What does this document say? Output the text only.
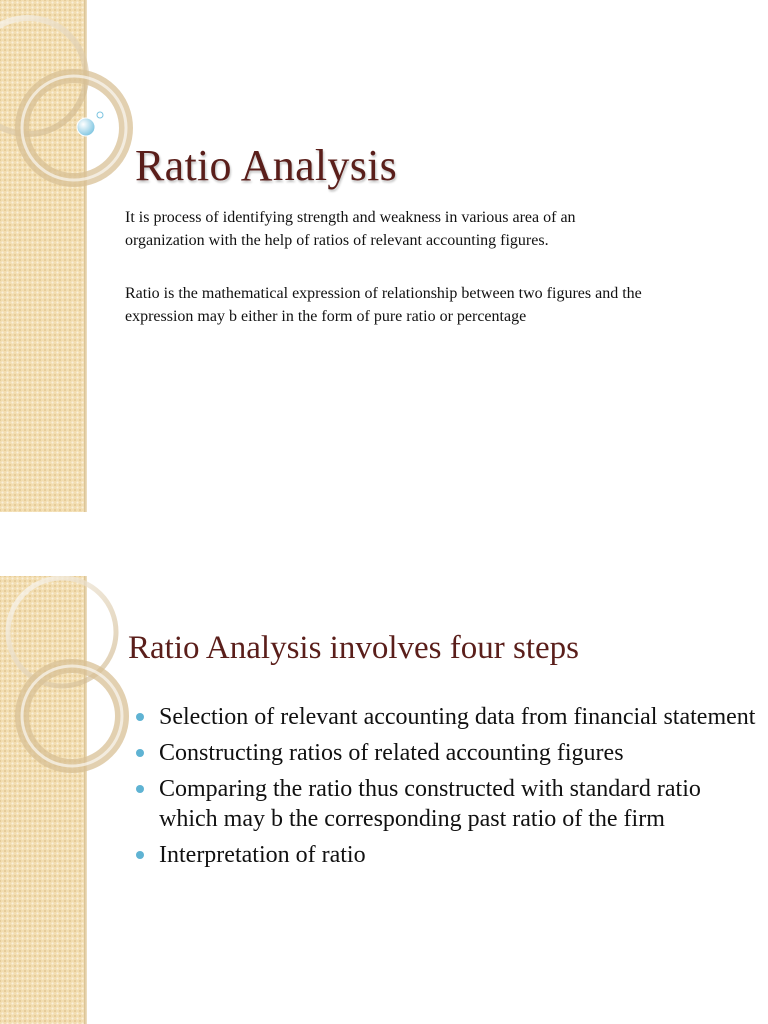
Ratio Analysis

It is process of identifying strength and weakness in various area of an organization with the help of ratios of relevant accounting figures.

Ratio is the mathematical expression of relationship between two figures and the expression may b either in the form of pure ratio or percentage

Ratio Analysis involves four steps
Selection of relevant accounting data from financial statement
Constructing ratios of related accounting figures
Comparing the ratio thus constructed with standard ratio which may b the corresponding past ratio of the firm
Interpretation of ratio
